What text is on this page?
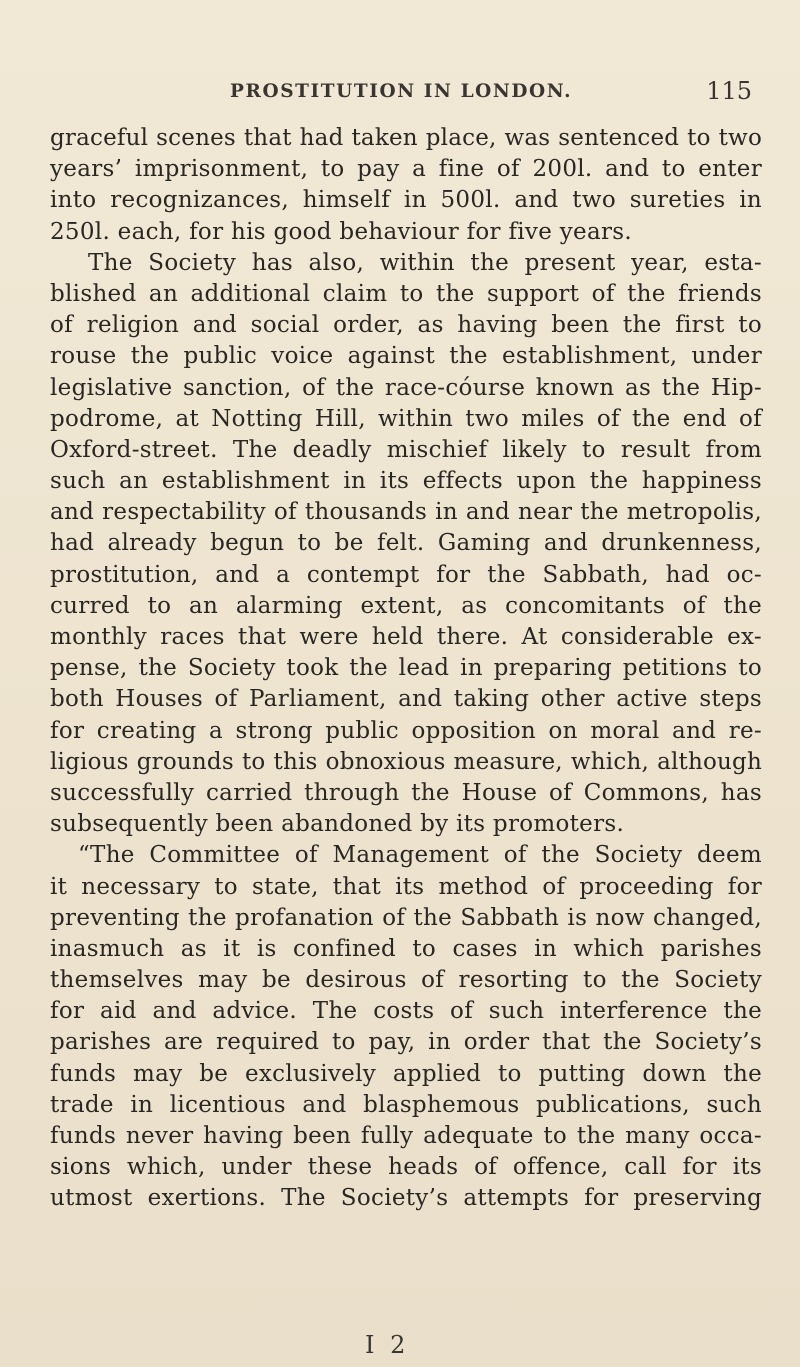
PROSTITUTION IN LONDON.	115
graceful scenes that had taken place, was sentenced to two
years’ imprisonment, to pay a fine of 200l. and to enter
into recognizances, himself in 500l. and two sureties in
250l. each, for his good behaviour for five years.
The Society has also, within the present year, esta-
blished an additional claim to the support of the friends
of religion and social order, as having been the first to
rouse the public voice against the establishment, under
legislative sanction, of the race-cóurse known as the Hip-
podrome, at Notting Hill, within two miles of the end of
Oxford-street. The deadly mischief likely to result from
such an establishment in its effects upon the happiness
and respectability of thousands in and near the metropolis,
had already begun to be felt. Gaming and drunkenness,
prostitution, and a contempt for the Sabbath, had oc-
curred to an alarming extent, as concomitants of the
monthly races that were held there. At considerable ex-
pense, the Society took the lead in preparing petitions to
both Houses of Parliament, and taking other active steps
for creating a strong public opposition on moral and re-
ligious grounds to this obnoxious measure, which, although
successfully carried through the House of Commons, has
subsequently been abandoned by its promoters.
“The Committee of Management of the Society deem
it necessary to state, that its method of proceeding for
preventing the profanation of the Sabbath is now changed,
inasmuch as it is confined to cases in which parishes
themselves may be desirous of resorting to the Society
for aid and advice. The costs of such interference the
parishes are required to pay, in order that the Society’s
funds may be exclusively applied to putting down the
trade in licentious and blasphemous publications, such
funds never having been fully adequate to the many occa-
sions which, under these heads of offence, call for its
utmost exertions. The Society’s attempts for preserving
I 2
